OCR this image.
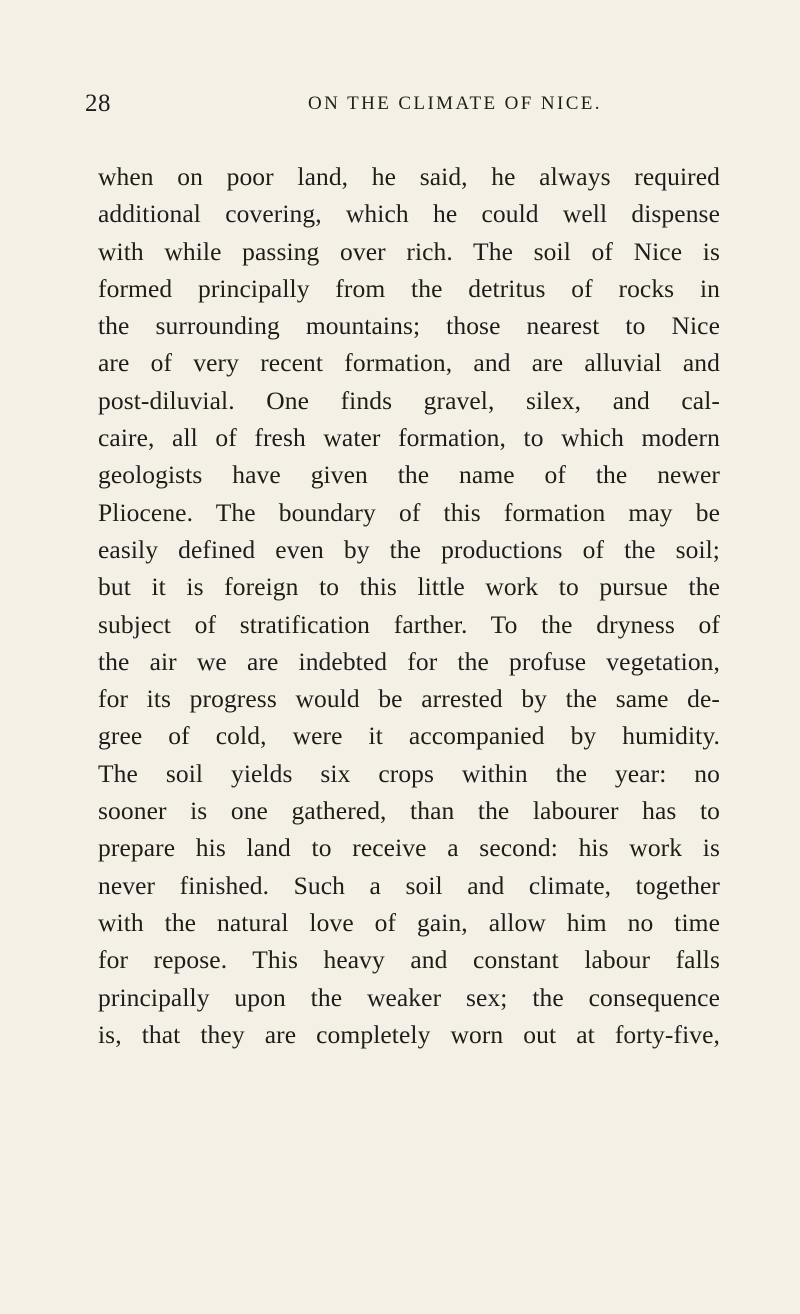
28	ON THE CLIMATE OF NICE.
when on poor land, he said, he always required
additional covering, which he could well dispense
with while passing over rich. The soil of Nice is
formed principally from the detritus of rocks in
the surrounding mountains; those nearest to Nice
are of very recent formation, and are alluvial and
post-diluvial. One finds gravel, silex, and cal-
caire, all of fresh water formation, to which modern
geologists have given the name of the newer
Pliocene. The boundary of this formation may be
easily defined even by the productions of the soil;
but it is foreign to this little work to pursue the
subject of stratification farther. To the dryness of
the air we are indebted for the profuse vegetation,
for its progress would be arrested by the same de-
gree of cold, were it accompanied by humidity.
The soil yields six crops within the year: no
sooner is one gathered, than the labourer has to
prepare his land to receive a second: his work is
never finished. Such a soil and climate, together
with the natural love of gain, allow him no time
for repose. This heavy and constant labour falls
principally upon the weaker sex; the consequence
is, that they are completely worn out at forty-five,
